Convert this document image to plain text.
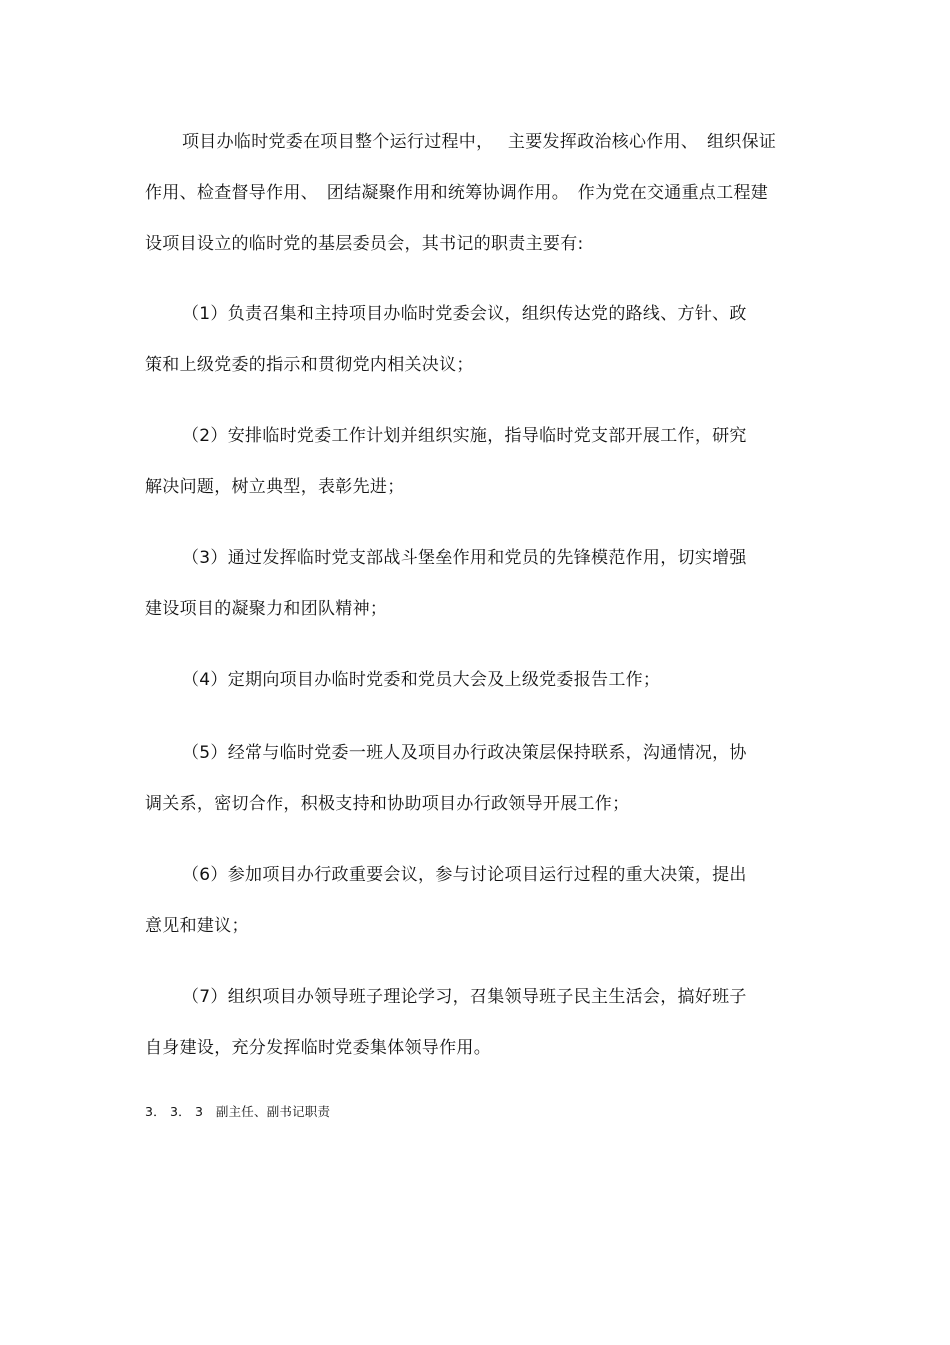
项目办临时党委在项目整个运行过程中，　 主要发挥政治核心作用、　组织保证
作用、检查督导作用、　团结凝聚作用和统筹协调作用。　作为党在交通重点工程建
设项目设立的临时党的基层委员会，其书记的职责主要有:
（1）负责召集和主持项目办临时党委会议，组织传达党的路线、方针、政
策和上级党委的指示和贯彻党内相关决议；
（2）安排临时党委工作计划并组织实施，指导临时党支部开展工作，研究
解决问题，树立典型，表彰先进；
（3）通过发挥临时党支部战斗堡垒作用和党员的先锋模范作用，切实增强
建设项目的凝聚力和团队精神；
（4）定期向项目办临时党委和党员大会及上级党委报告工作；
（5）经常与临时党委一班人及项目办行政决策层保持联系，沟通情况，协
调关系，密切合作，积极支持和协助项目办行政领导开展工作；
（6）参加项目办行政重要会议，参与讨论项目运行过程的重大决策，提出
意见和建议；
（7）组织项目办领导班子理论学习，召集领导班子民主生活会，搞好班子
自身建设，充分发挥临时党委集体领导作用。
3． 3． 3　副主任、副书记职责
